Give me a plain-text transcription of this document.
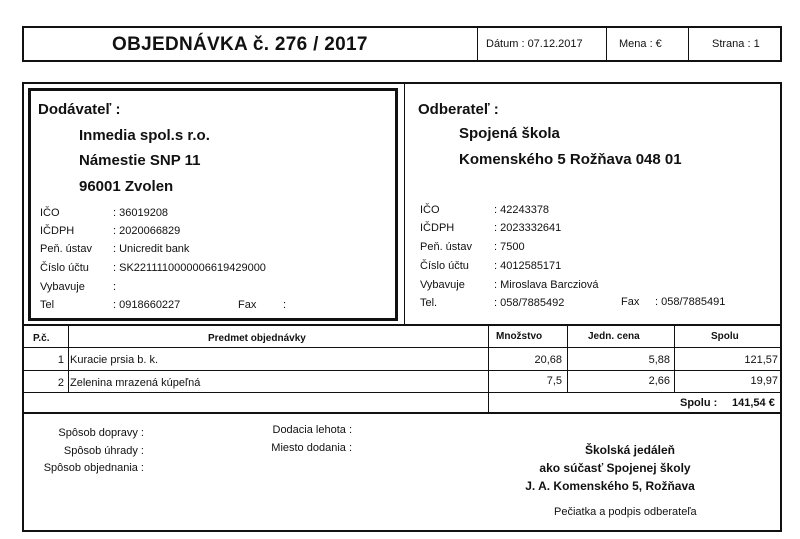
OBJEDNÁVKA č. 276 / 2017	Dátum : 07.12.2017	Mena : €	Strana : 1
Dodávateľ :
Inmedia spol.s r.o.
Námestie SNP 11
96001 Zvolen
IČO	: 36019208
IČDPH	: 2020066829
Peň. ústav : Unicredit bank
Číslo účtu : SK2211110000006619429000
Vybavuje	:
Tel	: 0918660227	Fax :
Odberateľ :
Spojená škola
Komenského 5 Rožňava 048 01
IČO	: 42243378
IČDPH	: 2023332641
Peň. ústav : 7500
Číslo účtu : 4012585171
Vybavuje	: Miroslava Barcziová
Tel.	: 058/7885492	Fax : 058/7885491
P.č.	Predmet objednávky	Množstvo	Jedn. cena	Spolu
1 Kuracie prsia b. k.	20,68	5,88	121,57
2 Zelenina mrazená kúpeľná	7,5	2,66	19,97
Spolu : 141,54 €
Spôsob dopravy :
Spôsob úhrady :
Spôsob objednania :
Dodacia lehota :
Miesto dodania :	Školská jedáleň
ako súčasť Spojenej školy
J. A. Komenského 5, Rožňava
Pečiatka a podpis odberateľa
